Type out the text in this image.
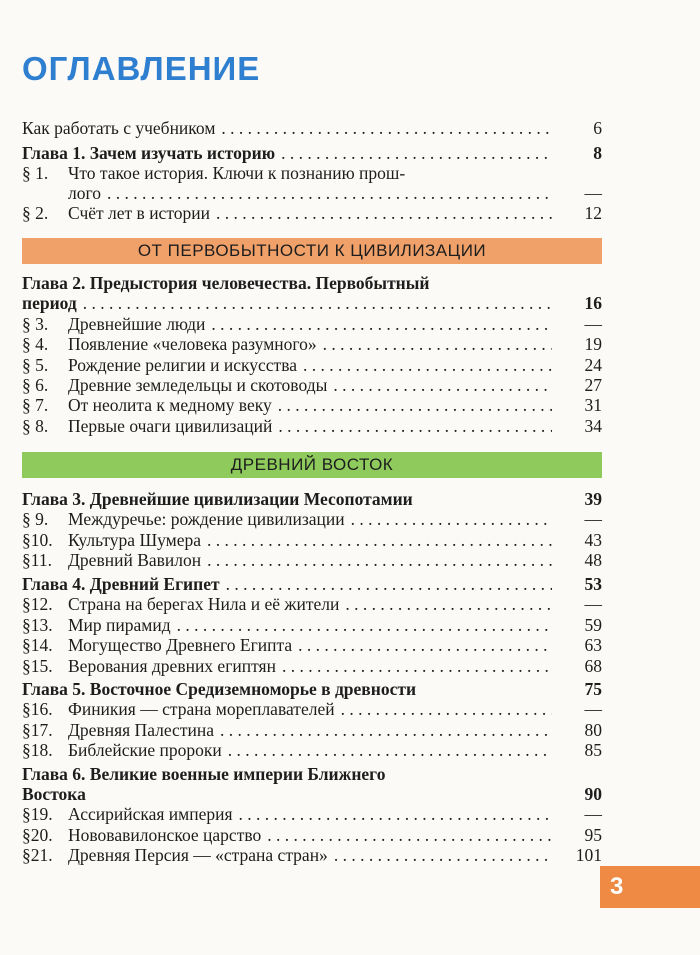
ОГЛАВЛЕНИЕ
Как работать с учебником . . .	6
Глава 1. Зачем изучать историю . . .	8
§ 1.	Что такое история. Ключи к познанию прош-
лого . . .	—
§ 2.	Счёт лет в истории . . .	12
ОТ ПЕРВОБЫТНОСТИ К ЦИВИЛИЗАЦИИ
Глава 2. Предыстория человечества. Первобытный
период . . .	16
§ 3.	Древнейшие люди . . .	—
§ 4.	Появление «человека разумного» . . .	19
§ 5.	Рождение религии и искусства . . .	24
§ 6.	Древние земледельцы и скотоводы . . .	27
§ 7.	От неолита к медному веку . . .	31
§ 8.	Первые очаги цивилизаций . . .	34
ДРЕВНИЙ ВОСТОК
Глава 3. Древнейшие цивилизации Месопотамии	39
§ 9.	Междуречье: рождение цивилизации . . .	—
§10. Культура Шумера . . .	43
§11. Древний Вавилон . . .	48
Глава 4. Древний Египет . . .	53
§12. Страна на берегах Нила и её жители . . .	—
§13. Мир пирамид . . .	59
§14. Могущество Древнего Египта . . .	63
§15. Верования древних египтян . . .	68
Глава 5. Восточное Средиземноморье в древности	75
§16. Финикия — страна мореплавателей . . .	—
§17. Древняя Палестина . . .	80
§18. Библейские пророки . . .	85
Глава 6. Великие военные империи Ближнего
Востока	90
§19. Ассирийская империя . . .	—
§20. Нововавилонское царство . . .	95
§21. Древняя Персия — «страна стран» . . .	101
3
